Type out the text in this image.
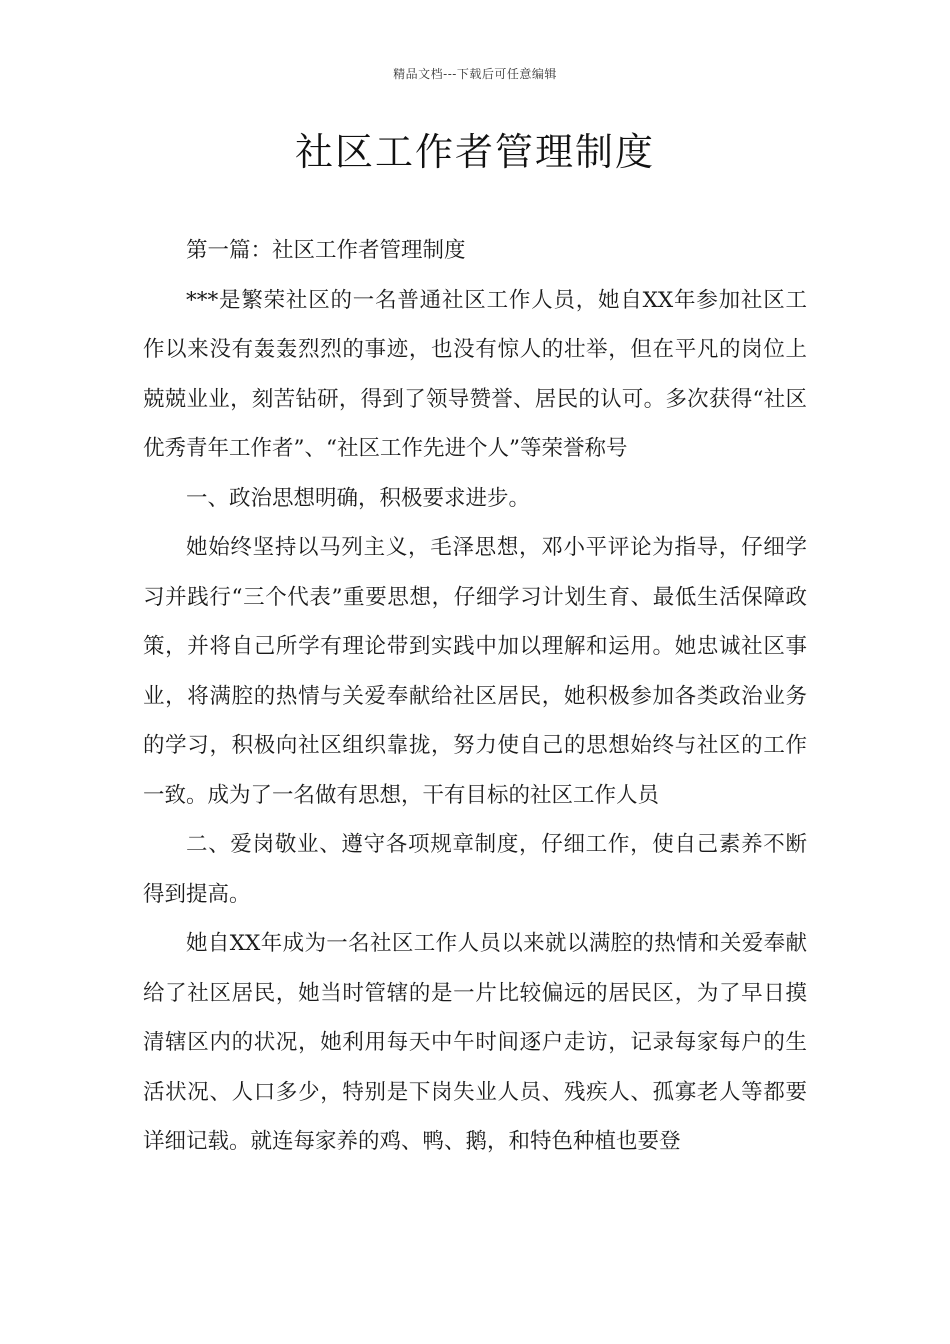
精品文档---下载后可任意编辑
社区工作者管理制度

第一篇：社区工作者管理制度

***是繁荣社区的一名普通社区工作人员，她自XX年参加社区工作以来没有轰轰烈烈的事迹，也没有惊人的壮举，但在平凡的岗位上兢兢业业，刻苦钻研，得到了领导赞誉、居民的认可。多次获得“社区优秀青年工作者”、“社区工作先进个人”等荣誉称号

一、政治思想明确，积极要求进步。

她始终坚持以马列主义，毛泽思想，邓小平评论为指导，仔细学习并践行“三个代表”重要思想，仔细学习计划生育、最低生活保障政策，并将自己所学有理论带到实践中加以理解和运用。她忠诚社区事业，将满腔的热情与关爱奉献给社区居民，她积极参加各类政治业务的学习，积极向社区组织靠拢，努力使自己的思想始终与社区的工作一致。成为了一名做有思想，干有目标的社区工作人员

二、爱岗敬业、遵守各项规章制度，仔细工作，使自己素养不断得到提高。

她自XX年成为一名社区工作人员以来就以满腔的热情和关爱奉献给了社区居民，她当时管辖的是一片比较偏远的居民区，为了早日摸清辖区内的状况，她利用每天中午时间逐户走访，记录每家每户的生活状况、人口多少，特别是下岗失业人员、残疾人、孤寡老人等都要详细记载。就连每家养的鸡、鸭、鹅，和特色种植也要登
